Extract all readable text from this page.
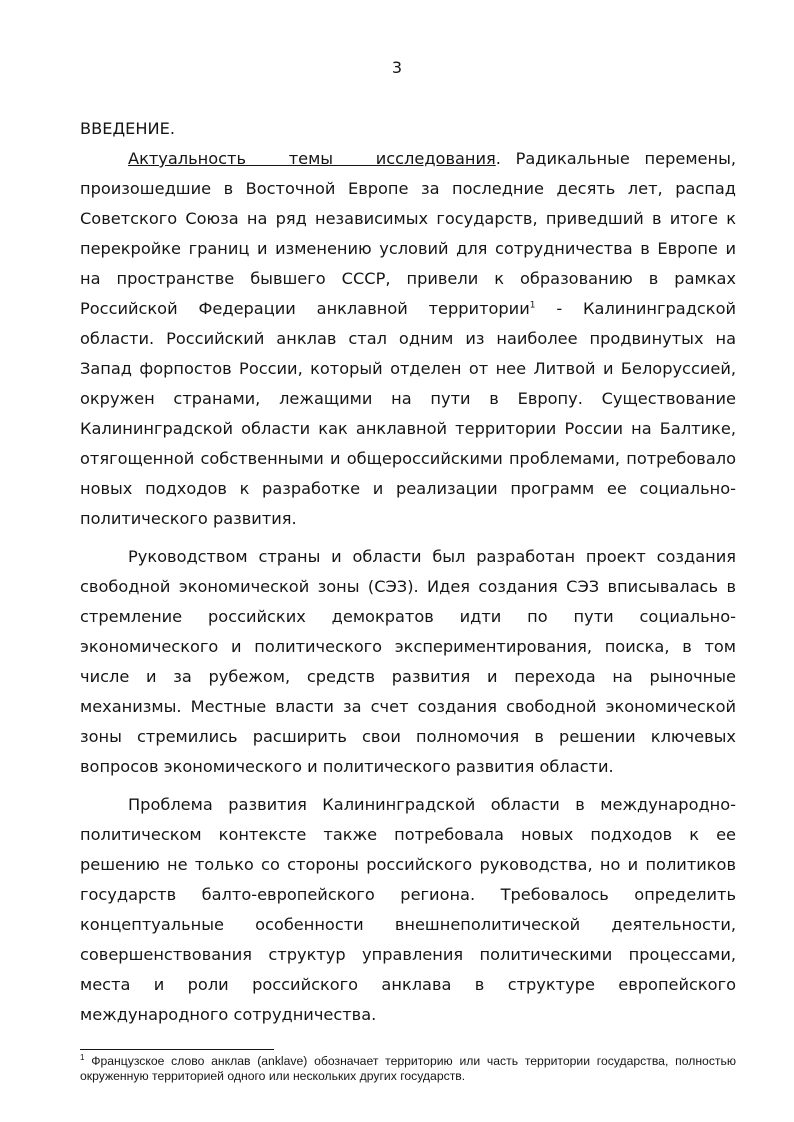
3

ВВЕДЕНИЕ.

Актуальность темы исследования. Радикальные перемены, произошедшие в Восточной Европе за последние десять лет, распад Советского Союза на ряд независимых государств, приведший в итоге к перекройке границ и изменению условий для сотрудничества в Европе и на пространстве бывшего СССР, привели к образованию в рамках Российской Федерации анклавной территории$^1$ - Калининградской области. Российский анклав стал одним из наиболее продвинутых на Запад форпостов России, который отделен от нее Литвой и Белоруссией, окружен странами, лежащими на пути в Европу. Существование Калининградской области как анклавной территории России на Балтике, отягощенной собственными и общероссийскими проблемами, потребовало новых подходов к разработке и реализации программ ее социально-политического развития.

Руководством страны и области был разработан проект создания свободной экономической зоны (СЭЗ). Идея создания СЭЗ вписывалась в стремление российских демократов идти по пути социально-экономического и политического экспериментирования, поиска, в том числе и за рубежом, средств развития и перехода на рыночные механизмы. Местные власти за счет создания свободной экономической зоны стремились расширить свои полномочия в решении ключевых вопросов экономического и политического развития области.

Проблема развития Калининградской области в международно-политическом контексте также потребовала новых подходов к ее решению не только со стороны российского руководства, но и политиков государств балто-европейского региона. Требовалось определить концептуальные особенности внешнеполитической деятельности, совершенствования структур управления политическими процессами, места и роли российского анклава в структуре европейского международного сотрудничества.

$^1$ Французское слово анклав (anklave) обозначает территорию или часть территории государства, полностью окруженную территорией одного или нескольких других государств.
